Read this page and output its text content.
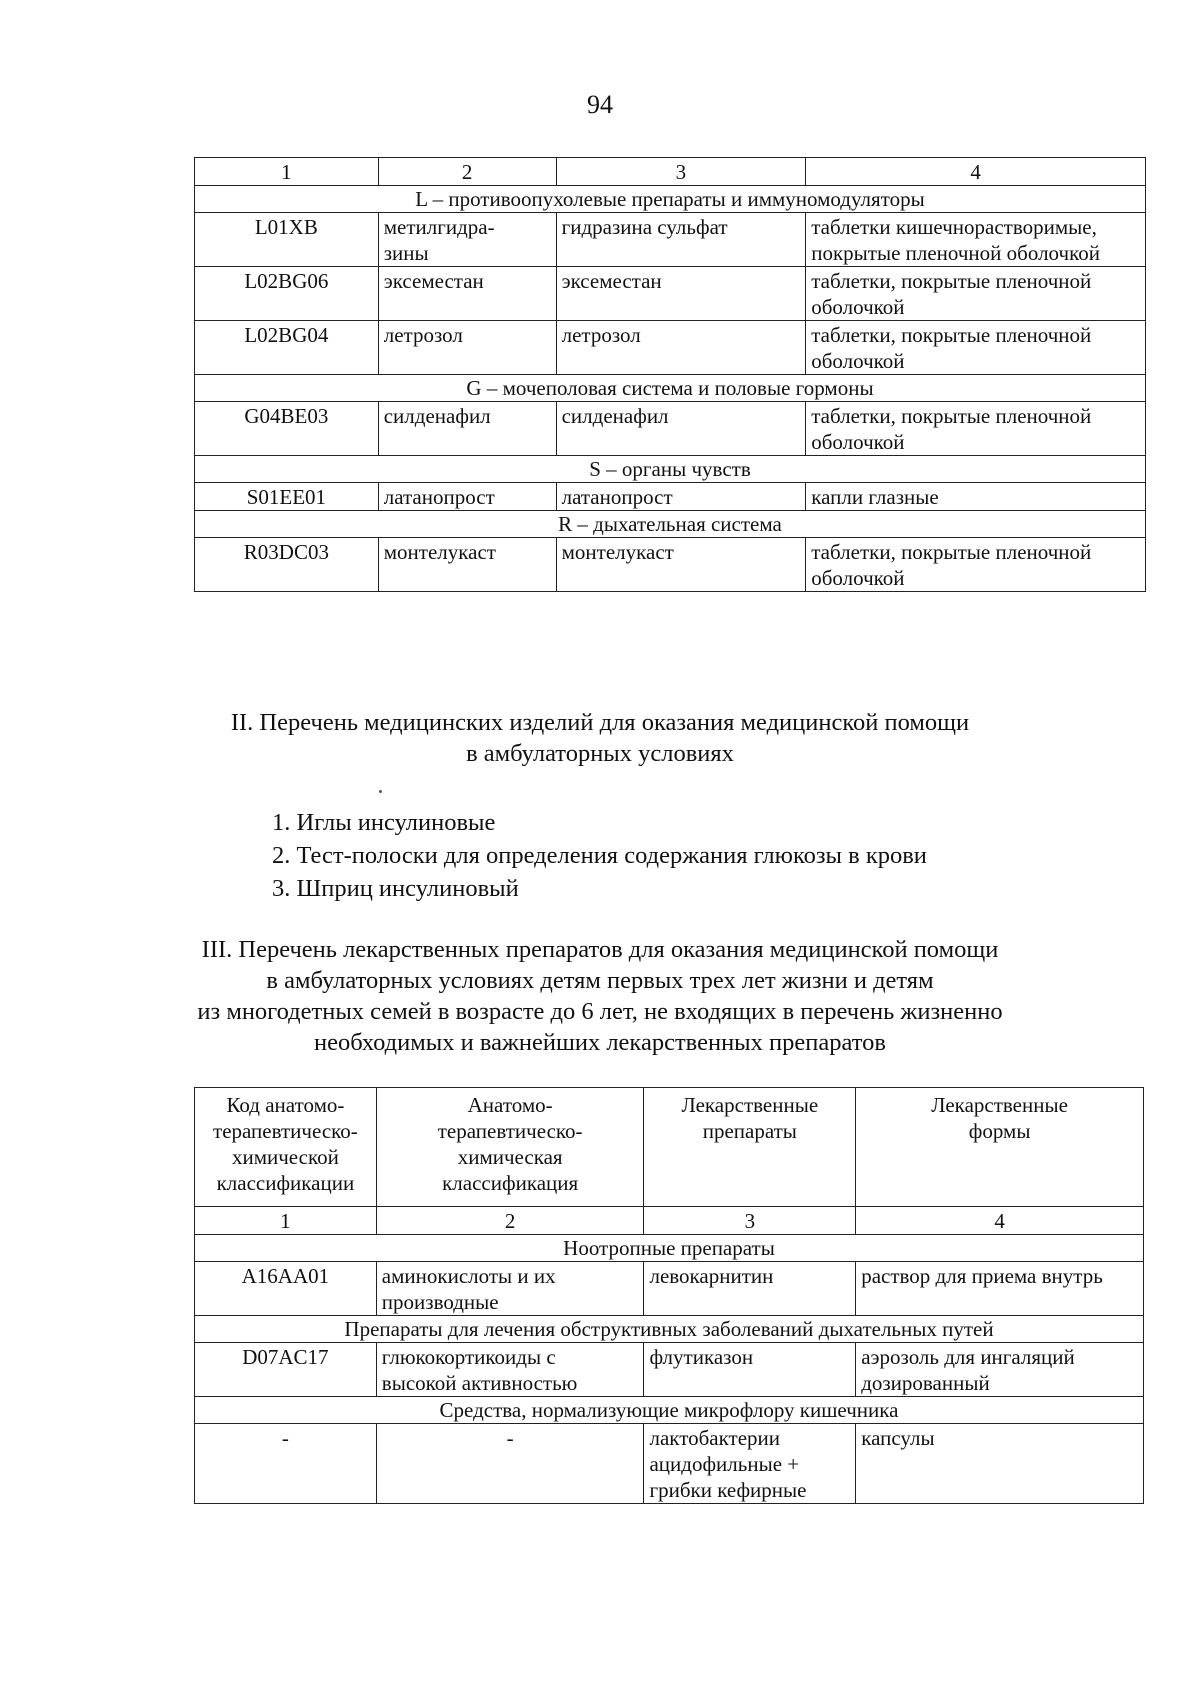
94
1	2	3	4
L – противоопухолевые препараты и иммуномодуляторы			
L01XB	метилгидра-зины	гидразина сульфат	таблетки кишечнорастворимые, покрытые пленочной оболочкой
L02BG06	эксеместан	эксеместан	таблетки, покрытые пленочной оболочкой
L02BG04	летрозол	летрозол	таблетки, покрытые пленочной оболочкой
G – мочеполовая система и половые гормоны			
G04BE03	силденафил	силденафил	таблетки, покрытые пленочной оболочкой
S – органы чувств			
S01EE01	латанопрост	латанопрост	капли глазные
R – дыхательная система			
R03DC03	монтелукаст	монтелукаст	таблетки, покрытые пленочной оболочкой
II. Перечень медицинских изделий для оказания медицинской помощи
в амбулаторных условиях
1. Иглы инсулиновые
2. Тест-полоски для определения содержания глюкозы в крови
3. Шприц инсулиновый
III. Перечень лекарственных препаратов для оказания медицинской помощи
в амбулаторных условиях детям первых трех лет жизни и детям
из многодетных семей в возрасте до 6 лет, не входящих в перечень жизненно
необходимых и важнейших лекарственных препаратов
Код анатомо-терапевтическо-химической классификации	Анатомо-терапевтическо-химическая классификация	Лекарственные препараты	Лекарственные формы
1	2	3	4
Ноотропные препараты			
A16AA01	аминокислоты и их производные	левокарнитин	раствор для приема внутрь
Препараты для лечения обструктивных заболеваний дыхательных путей			
D07AC17	глюкокортикоиды с высокой активностью	флутиказон	аэрозоль для ингаляций дозированный
Средства, нормализующие микрофлору кишечника			
-	-	лактобактерии ацидофильные + грибки кефирные	капсулы
